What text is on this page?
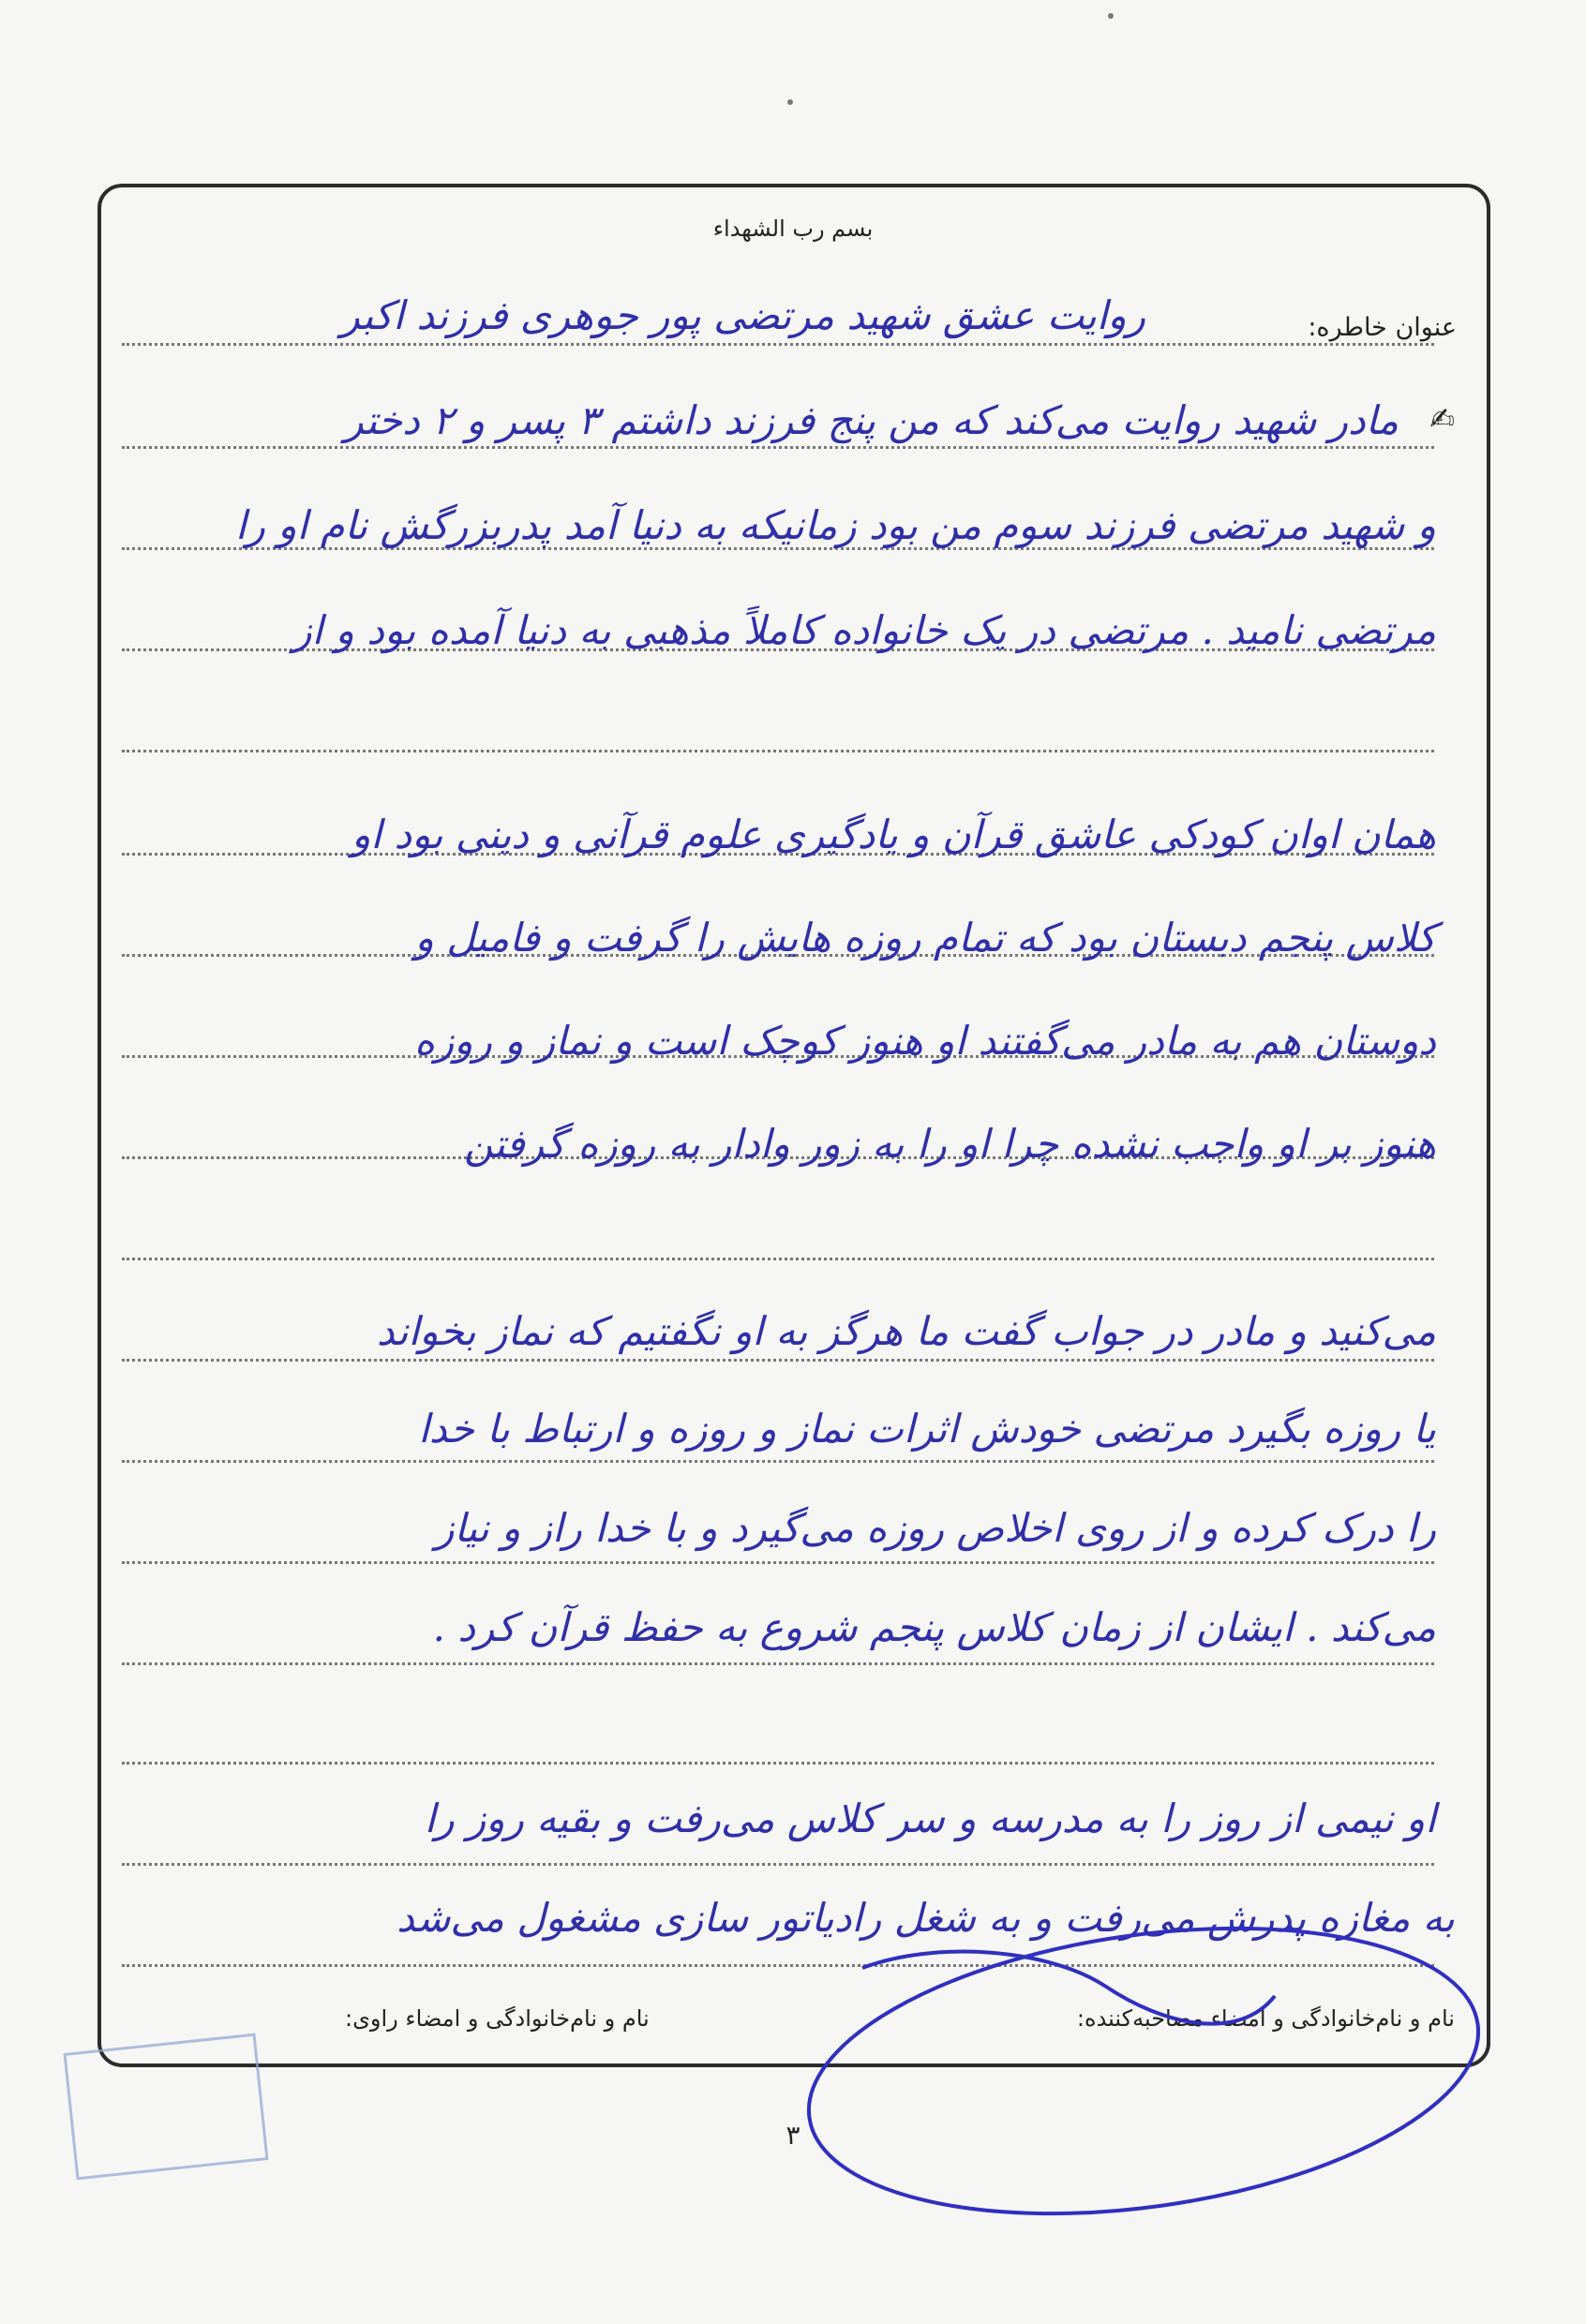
بسم رب الشهداء
عنوان خاطره:
روایت عشق شهید مرتضی پور جوهری فرزند اکبر
✍
مادر شهید روایت می‌کند که من پنج فرزند داشتم ۳ پسر و ۲ دختر
و شهید مرتضی فرزند سوم من بود زمانیکه به دنیا آمد پدربزرگش نام او را
مرتضی نامید . مرتضی در یک خانواده کاملاً مذهبی به دنیا آمده بود و از
همان اوان کودکی عاشق قرآن و یادگیری علوم قرآنی و دینی بود او
کلاس پنجم دبستان بود که تمام روزه هایش را گرفت و فامیل و
دوستان هم به مادر می‌گفتند او هنوز کوچک است و نماز و روزه
هنوز بر او واجب نشده چرا او را به زور وادار به روزه گرفتن
می‌کنید و مادر در جواب گفت ما هرگز به او نگفتیم که نماز بخواند
یا روزه بگیرد مرتضی خودش اثرات نماز و روزه و ارتباط با خدا
را درک کرده و از روی اخلاص روزه می‌گیرد و با خدا راز و نیاز
می‌کند . ایشان از زمان کلاس پنجم شروع به حفظ قرآن کرد .
او نیمی از روز را به مدرسه و سر کلاس می‌رفت و بقیه روز را
به مغازه پدرش می‌رفت و به شغل رادیاتور سازی مشغول می‌شد
نام و نام‌خانوادگی و امضاء مصاحبه‌کننده:
نام و نام‌خانوادگی و امضاء راوی:
۳
